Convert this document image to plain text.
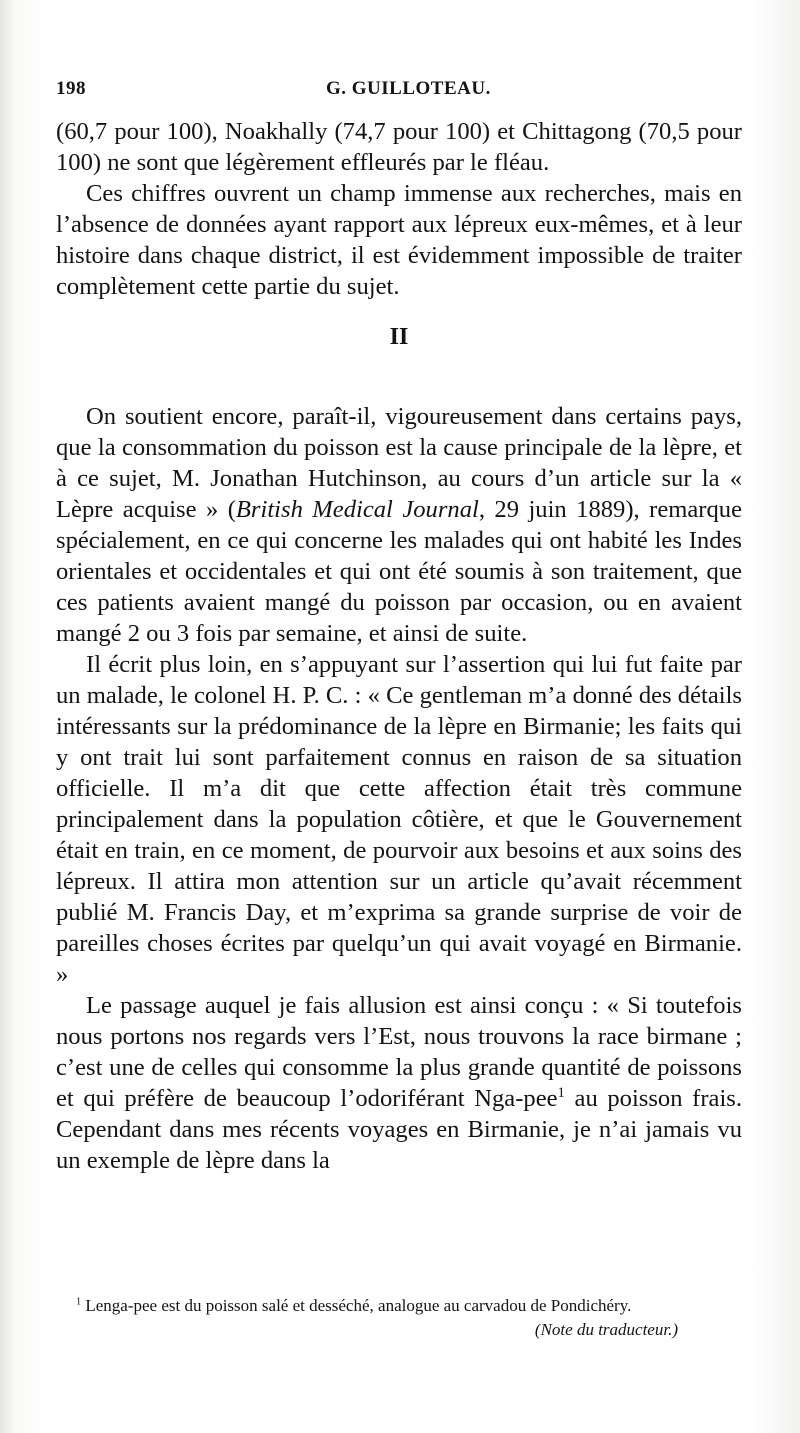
198	G. GUILLOTEAU.

(60,7 pour 100), Noakhally (74,7 pour 100) et Chittagong (70,5 pour 100) ne sont que légèrement effleurés par le fléau.

Ces chiffres ouvrent un champ immense aux recherches, mais en l’absence de données ayant rapport aux lépreux eux-mêmes, et à leur histoire dans chaque district, il est évidemment impossible de traiter complètement cette partie du sujet.

II

On soutient encore, paraît-il, vigoureusement dans certains pays, que la consommation du poisson est la cause principale de la lèpre, et à ce sujet, M. Jonathan Hutchinson, au cours d’un article sur la « Lèpre acquise » (British Medical Journal, 29 juin 1889), remarque spécialement, en ce qui concerne les malades qui ont habité les Indes orientales et occidentales et qui ont été soumis à son traitement, que ces patients avaient mangé du poisson par occasion, ou en avaient mangé 2 ou 3 fois par semaine, et ainsi de suite.

Il écrit plus loin, en s’appuyant sur l’assertion qui lui fut faite par un malade, le colonel H. P. C. : « Ce gentleman m’a donné des détails intéressants sur la prédominance de la lèpre en Birmanie; les faits qui y ont trait lui sont parfaitement connus en raison de sa situation officielle. Il m’a dit que cette affection était très commune principalement dans la population côtière, et que le Gouvernement était en train, en ce moment, de pourvoir aux besoins et aux soins des lépreux. Il attira mon attention sur un article qu’avait récemment publié M. Francis Day, et m’exprima sa grande surprise de voir de pareilles choses écrites par quelqu’un qui avait voyagé en Birmanie. »

Le passage auquel je fais allusion est ainsi conçu : « Si toutefois nous portons nos regards vers l’Est, nous trouvons la race birmane ; c’est une de celles qui consomme la plus grande quantité de poissons et qui préfère de beaucoup l’odoriférant Nga-pee$^1$ au poisson frais. Cependant dans mes récents voyages en Birmanie, je n’ai jamais vu un exemple de lèpre dans la

$^1$ Lenga-pee est du poisson salé et desséché, analogue au carvadou de Pondichéry.

(Note du traducteur.)
